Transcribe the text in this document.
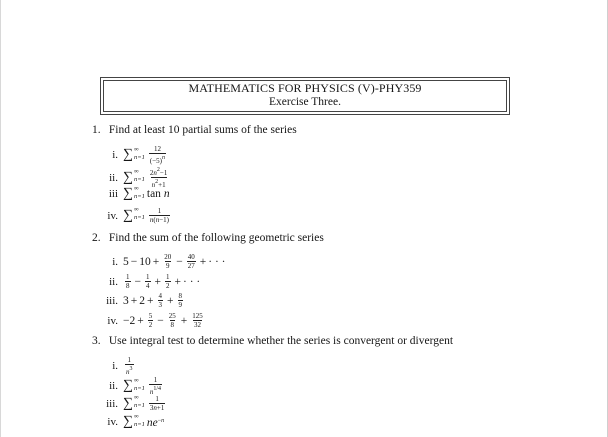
MATHEMATICS FOR PHYSICS (V)-PHY359
Exercise Three.
1. Find at least 10 partial sums of the series
i. ∑ ∞
$n=1 \frac{12}{(-5)^n}$
ii. ∑ ∞
$n=1 \frac{2n^2-1}{n^2+1}$
iii ∑ ∞
n=1 tan n
iv. ∑ ∞
$n=1 \frac{1}{n(n-1)}$
2. Find the sum of the following geometric series
i. $5 - 10 + \frac{20}{9} - \frac{40}{27}$ + · · ·
ii. $\frac{1}{8} - \frac{1}{4} + \frac{1}{2}$ + · · ·
iii. $3 + 2 + \frac{4}{3} + \frac{8}{9}$
iv. $-2 + \frac{5}{2} - \frac{25}{8} + \frac{125}{32}$
3. Use integral test to determine whether the series is convergent or divergent
i. $\frac{1}{n^3}$
ii. ∑ ∞
$n=1 \frac{1}{n^{1/4}}$
iii. ∑ ∞
$n=1 \frac{1}{3n+1}$
iv. ∑ ∞
n=1 $ne^{-n}$
